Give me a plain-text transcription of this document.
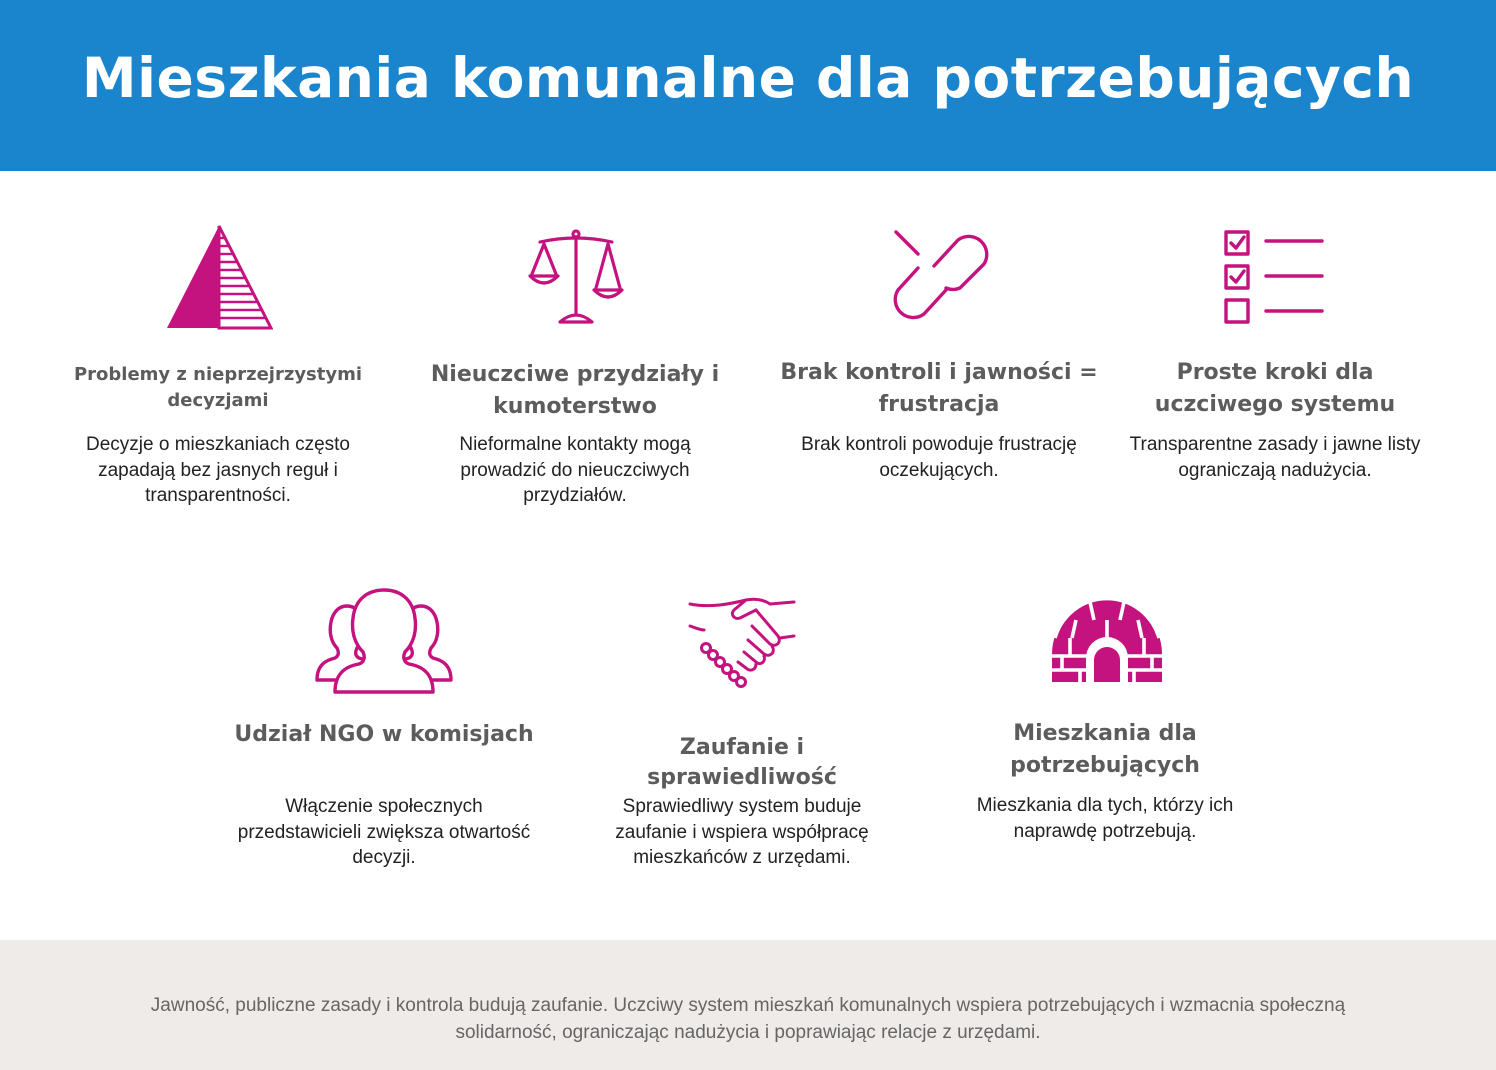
Mieszkania komunalne dla potrzebujących
Problemy z nieprzejrzystymi decyzjami
Decyzje o mieszkaniach często zapadają bez jasnych reguł i transparentności.
Nieuczciwe przydziały i kumoterstwo
Nieformalne kontakty mogą prowadzić do nieuczciwych przydziałów.
Brak kontroli i jawności = frustracja
Brak kontroli powoduje frustrację oczekujących.
Proste kroki dla uczciwego systemu
Transparentne zasady i jawne listy ograniczają nadużycia.
Udział NGO w komisjach
Włączenie społecznych przedstawicieli zwiększa otwartość decyzji.
Zaufanie i sprawiedliwość
Sprawiedliwy system buduje zaufanie i wspiera współpracę mieszkańców z urzędami.
Mieszkania dla potrzebujących
Mieszkania dla tych, którzy ich naprawdę potrzebują.

Jawność, publiczne zasady i kontrola budują zaufanie. Uczciwy system mieszkań komunalnych wspiera potrzebujących i wzmacnia społeczną solidarność, ograniczając nadużycia i poprawiając relacje z urzędami.
